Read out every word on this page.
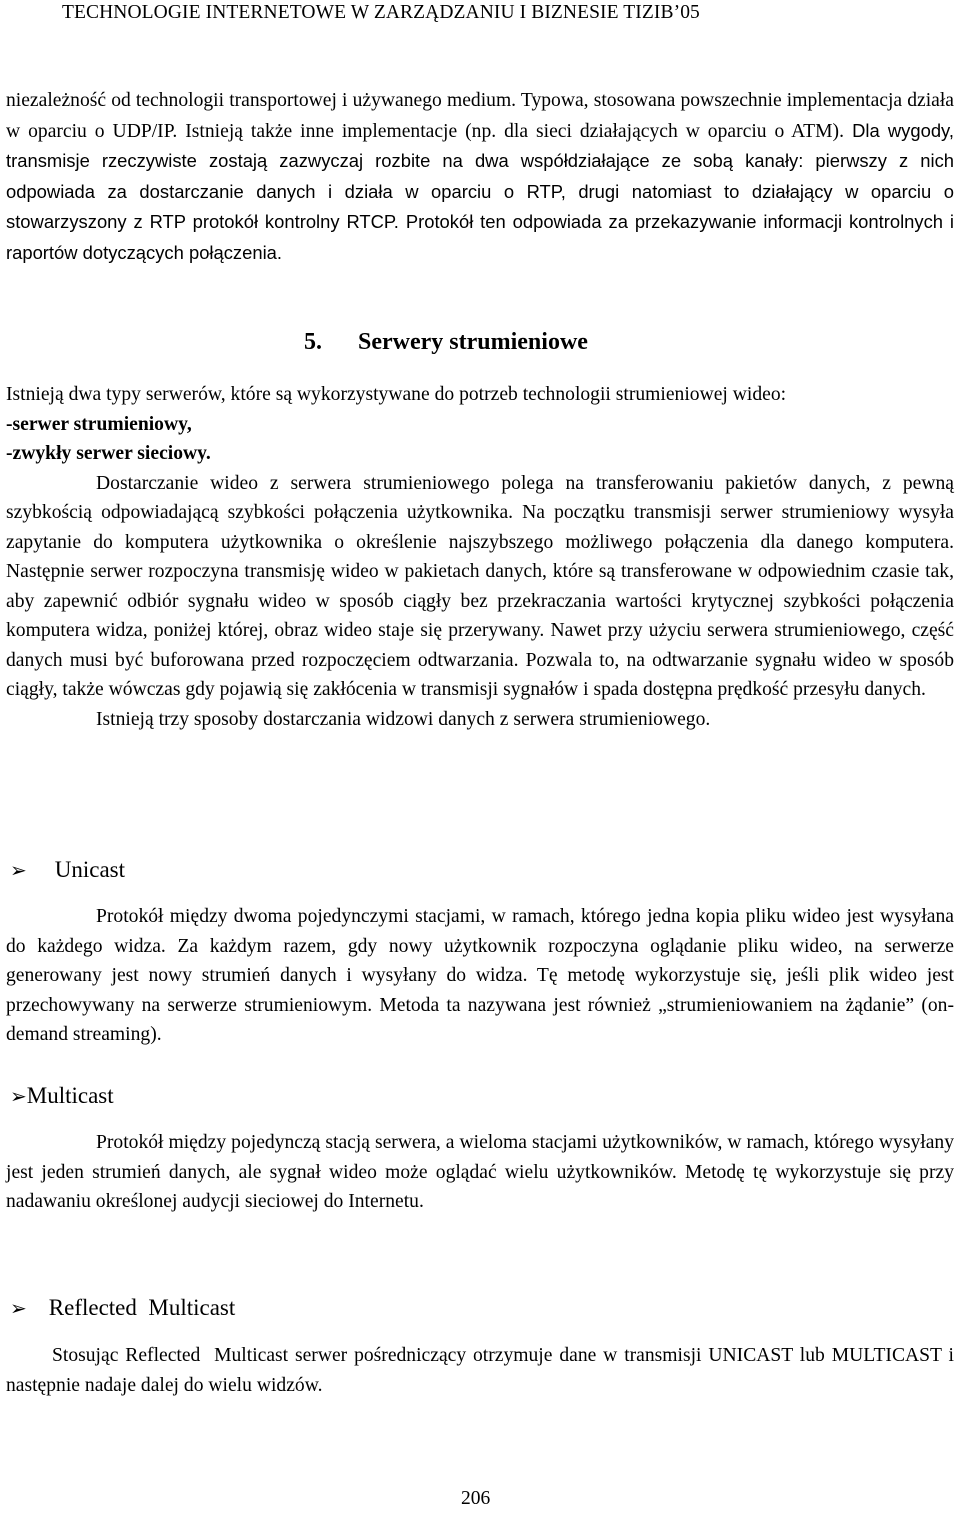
TECHNOLOGIE INTERNETOWE W ZARZĄDZANIU I BIZNESIE TIZIB’05

niezależność od technologii transportowej i używanego medium. Typowa, stosowana powszechnie implementacja działa w oparciu o UDP/IP. Istnieją także inne implementacje (np. dla sieci działających w oparciu o ATM). Dla wygody, transmisje rzeczywiste zostają zazwyczaj rozbite na dwa współdziałające ze sobą kanały: pierwszy z nich odpowiada za dostarczanie danych i działa w oparciu o RTP, drugi natomiast to działający w oparciu o stowarzyszony z RTP protokół kontrolny RTCP. Protokół ten odpowiada za przekazywanie informacji kontrolnych i raportów dotyczących połączenia.

5. Serwery strumieniowe

Istnieją dwa typy serwerów, które są wykorzystywane do potrzeb technologii strumieniowej wideo:

-serwer strumieniowy,

-zwykły serwer sieciowy.

Dostarczanie wideo z serwera strumieniowego polega na transferowaniu pakietów danych, z pewną szybkością odpowiadającą szybkości połączenia użytkownika. Na początku transmisji serwer strumieniowy wysyła zapytanie do komputera użytkownika o określenie najszybszego możliwego połączenia dla danego komputera. Następnie serwer rozpoczyna transmisję wideo w pakietach danych, które są transferowane w odpowiednim czasie tak, aby zapewnić odbiór sygnału wideo w sposób ciągły bez przekraczania wartości krytycznej szybkości połączenia komputera widza, poniżej której, obraz wideo staje się przerywany. Nawet przy użyciu serwera strumieniowego, część danych musi być buforowana przed rozpoczęciem odtwarzania. Pozwala to, na odtwarzanie sygnału wideo w sposób ciągły, także wówczas gdy pojawią się zakłócenia w transmisji sygnałów i spada dostępna prędkość przesyłu danych.

Istnieją trzy sposoby dostarczania widzowi danych z serwera strumieniowego.

➢ Unicast

Protokół między dwoma pojedynczymi stacjami, w ramach, którego jedna kopia pliku wideo jest wysyłana do każdego widza. Za każdym razem, gdy nowy użytkownik rozpoczyna oglądanie pliku wideo, na serwerze generowany jest nowy strumień danych i wysyłany do widza. Tę metodę wykorzystuje się, jeśli plik wideo jest przechowywany na serwerze strumieniowym. Metoda ta nazywana jest również „strumieniowaniem na żądanie” (on-demand streaming).

➢Multicast

Protokół między pojedynczą stacją serwera, a wieloma stacjami użytkowników, w ramach, którego wysyłany jest jeden strumień danych, ale sygnał wideo może oglądać wielu użytkowników. Metodę tę wykorzystuje się przy nadawaniu określonej audycji sieciowej do Internetu.

➢ Reflected  Multicast

Stosując Reflected  Multicast serwer pośredniczący otrzymuje dane w transmisji UNICAST lub MULTICAST i następnie nadaje dalej do wielu widzów.

206
